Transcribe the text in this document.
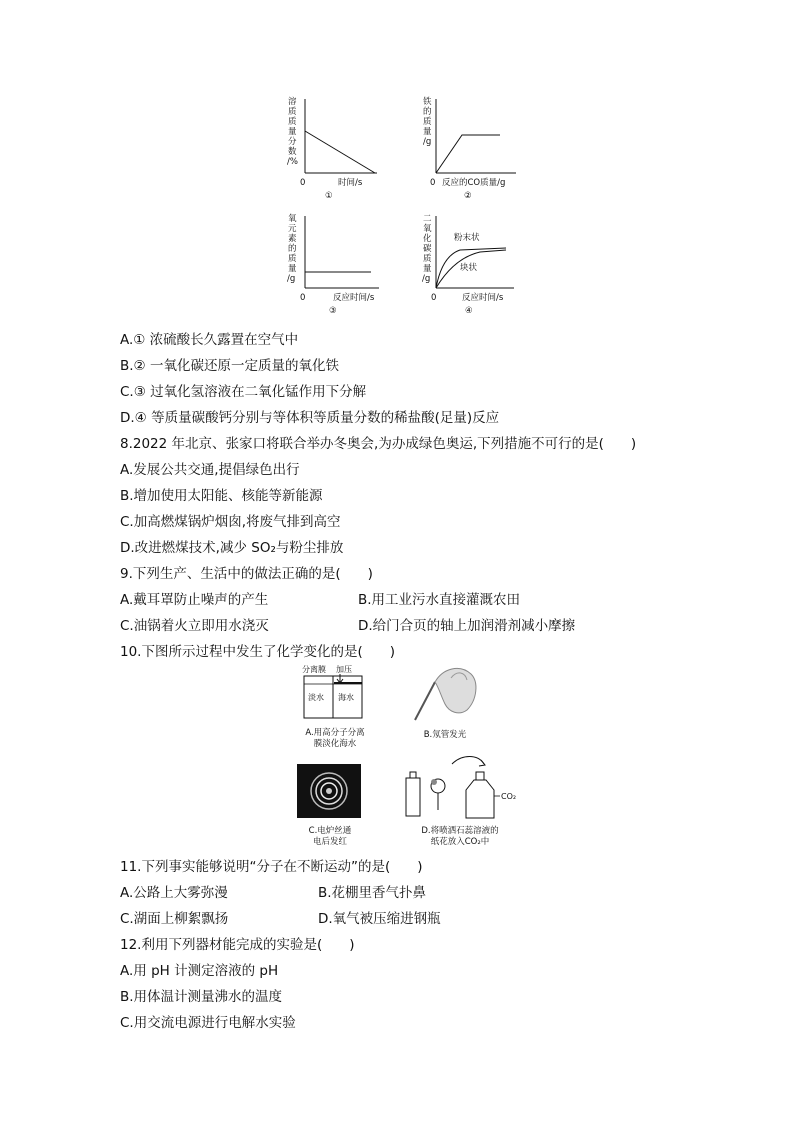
溶
质
质
量
分
数
/%
0	时间/s
①
铁
的
质
量
/g
0 反应的CO质量/g
②
氧
元
素
的
质
量
/g
0	反应时间/s
③
二
氧
化
碳
质
量
/g
粉末状
块状
0	反应时间/s
④
A.① 浓硫酸长久露置在空气中
B.② 一氧化碳还原一定质量的氧化铁
C.③ 过氧化氢溶液在二氧化锰作用下分解
D.④ 等质量碳酸钙分别与等体积等质量分数的稀盐酸(足量)反应
8.2022 年北京、张家口将联合举办冬奥会,为办成绿色奥运,下列措施不可行的是(　　)
A.发展公共交通,提倡绿色出行
B.增加使用太阳能、核能等新能源
C.加高燃煤锅炉烟囱,将废气排到高空
D.改进燃煤技术,减少 SO₂与粉尘排放
9.下列生产、生活中的做法正确的是(　　)
A.戴耳罩防止噪声的产生	B.用工业污水直接灌溉农田
C.油锅着火立即用水浇灭	D.给门合页的轴上加润滑剂减小摩擦
10.下图所示过程中发生了化学变化的是(　　)
分离膜 加压
淡水 海水
A.用高分子分离
膜淡化海水
B.氖管发光
C.电炉丝通
电后发红
CO₂
D.将喷洒石蕊溶液的
纸花放入CO₂中
11.下列事实能够说明“分子在不断运动”的是(　　)
A.公路上大雾弥漫	B.花棚里香气扑鼻
C.湖面上柳絮飘扬	D.氧气被压缩进钢瓶
12.利用下列器材能完成的实验是(　　)
A.用 pH 计测定溶液的 pH
B.用体温计测量沸水的温度
C.用交流电源进行电解水实验
